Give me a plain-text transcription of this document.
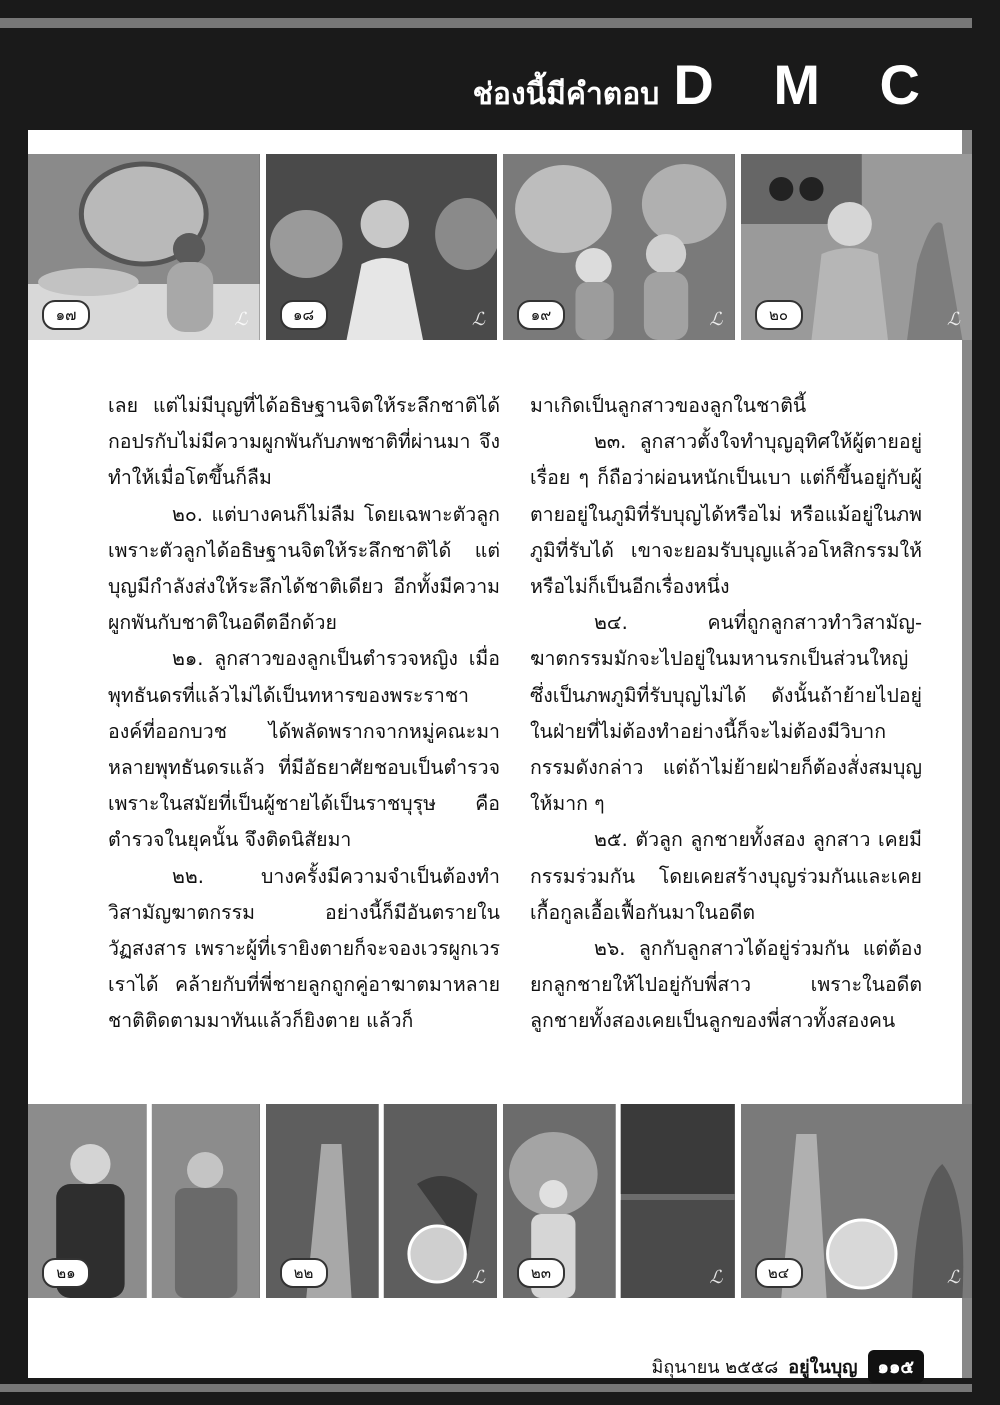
ช่องนี้มีคำตอบ D M C
๑๗	ℒ	๑๘	ℒ	๑๙	ℒ	๒๐	ℒ

เลย แต่ไม่มีบุญที่ได้อธิษฐานจิตให้ระลึกชาติได้ กอปรกับไม่มีความผูกพันกับภพชาติที่ผ่านมา จึงทำให้เมื่อโตขึ้นก็ลืม

๒๐. แต่บางคนก็ไม่ลืม โดยเฉพาะตัวลูก เพราะตัวลูกได้อธิษฐานจิตให้ระลึกชาติได้ แต่บุญมีกำลังส่งให้ระลึกได้ชาติเดียว อีกทั้งมีความผูกพันกับชาติในอดีตอีกด้วย

๒๑. ลูกสาวของลูกเป็นตำรวจหญิง เมื่อพุทธันดรที่แล้วไม่ได้เป็นทหารของพระราชาองค์ที่ออกบวช ได้พลัดพรากจากหมู่คณะมาหลายพุทธันดรแล้ว ที่มีอัธยาศัยชอบเป็นตำรวจ เพราะในสมัยที่เป็นผู้ชายได้เป็นราชบุรุษ คือตำรวจในยุคนั้น จึงติดนิสัยมา

๒๒. บางครั้งมีความจำเป็นต้องทำวิสามัญฆาตกรรม อย่างนี้ก็มีอันตรายในวัฏสงสาร เพราะผู้ที่เรายิงตายก็จะจองเวรผูกเวรเราได้ คล้ายกับที่พี่ชายลูกถูกคู่อาฆาตมาหลายชาติติดตามมาทันแล้วก็ยิงตาย แล้วก็

มาเกิดเป็นลูกสาวของลูกในชาตินี้

๒๓. ลูกสาวตั้งใจทำบุญอุทิศให้ผู้ตายอยู่เรื่อย ๆ ก็ถือว่าผ่อนหนักเป็นเบา แต่ก็ขึ้นอยู่กับผู้ตายอยู่ในภูมิที่รับบุญได้หรือไม่ หรือแม้อยู่ในภพภูมิที่รับได้ เขาจะยอมรับบุญแล้วอโหสิกรรมให้หรือไม่ก็เป็นอีกเรื่องหนึ่ง

๒๔. คนที่ถูกลูกสาวทำวิสามัญ-ฆาตกรรมมักจะไปอยู่ในมหานรกเป็นส่วนใหญ่ ซึ่งเป็นภพภูมิที่รับบุญไม่ได้ ดังนั้นถ้าย้ายไปอยู่ในฝ่ายที่ไม่ต้องทำอย่างนี้ก็จะไม่ต้องมีวิบากกรรมดังกล่าว แต่ถ้าไม่ย้ายฝ่ายก็ต้องสั่งสมบุญให้มาก ๆ

๒๕. ตัวลูก ลูกชายทั้งสอง ลูกสาว เคยมีกรรมร่วมกัน โดยเคยสร้างบุญร่วมกันและเคยเกื้อกูลเอื้อเฟื้อกันมาในอดีต

๒๖. ลูกกับลูกสาวได้อยู่ร่วมกัน แต่ต้องยกลูกชายให้ไปอยู่กับพี่สาว เพราะในอดีตลูกชายทั้งสองเคยเป็นลูกของพี่สาวทั้งสองคน

๒๑	๒๒	ℒ	๒๓	ℒ	๒๔	ℒ
มิถุนายน ๒๕๕๘ อยู่ในบุญ	๑๑๕
